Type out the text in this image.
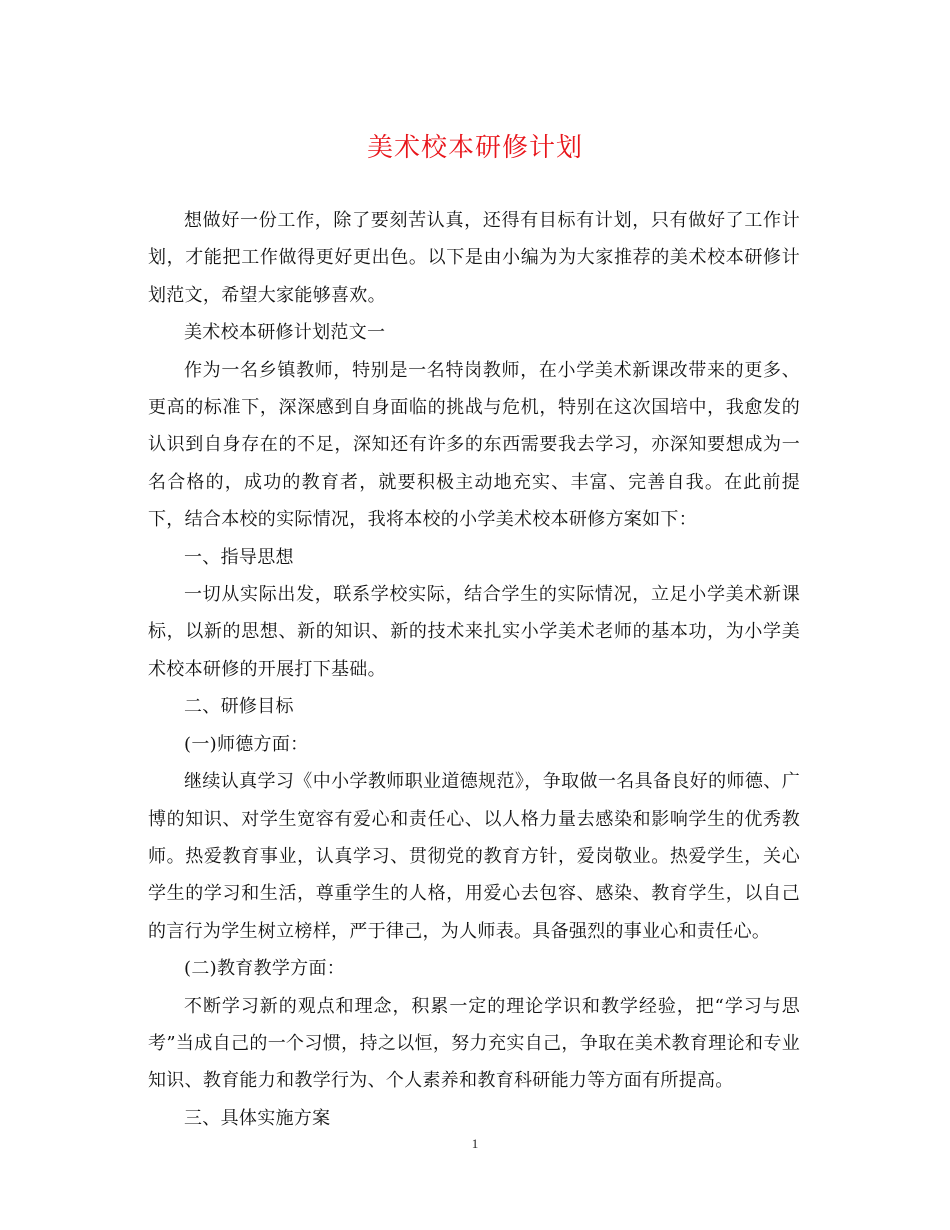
美术校本研修计划

想做好一份工作，除了要刻苦认真，还得有目标有计划，只有做好了工作计划，才能把工作做得更好更出色。以下是由小编为为大家推荐的美术校本研修计划范文，希望大家能够喜欢。

美术校本研修计划范文一

作为一名乡镇教师，特别是一名特岗教师，在小学美术新课改带来的更多、更高的标准下，深深感到自身面临的挑战与危机，特别在这次国培中，我愈发的认识到自身存在的不足，深知还有许多的东西需要我去学习，亦深知要想成为一名合格的，成功的教育者，就要积极主动地充实、丰富、完善自我。在此前提下，结合本校的实际情况，我将本校的小学美术校本研修方案如下：

一、指导思想

一切从实际出发，联系学校实际，结合学生的实际情况，立足小学美术新课标，以新的思想、新的知识、新的技术来扎实小学美术老师的基本功，为小学美术校本研修的开展打下基础。

二、研修目标

(一)师德方面：

继续认真学习《中小学教师职业道德规范》，争取做一名具备良好的师德、广博的知识、对学生宽容有爱心和责任心、以人格力量去感染和影响学生的优秀教师。热爱教育事业，认真学习、贯彻党的教育方针，爱岗敬业。热爱学生，关心学生的学习和生活，尊重学生的人格，用爱心去包容、感染、教育学生，以自己的言行为学生树立榜样，严于律己，为人师表。具备强烈的事业心和责任心。

(二)教育教学方面：

不断学习新的观点和理念，积累一定的理论学识和教学经验，把“学习与思考”当成自己的一个习惯，持之以恒，努力充实自己，争取在美术教育理论和专业知识、教育能力和教学行为、个人素养和教育科研能力等方面有所提高。

三、具体实施方案

1
